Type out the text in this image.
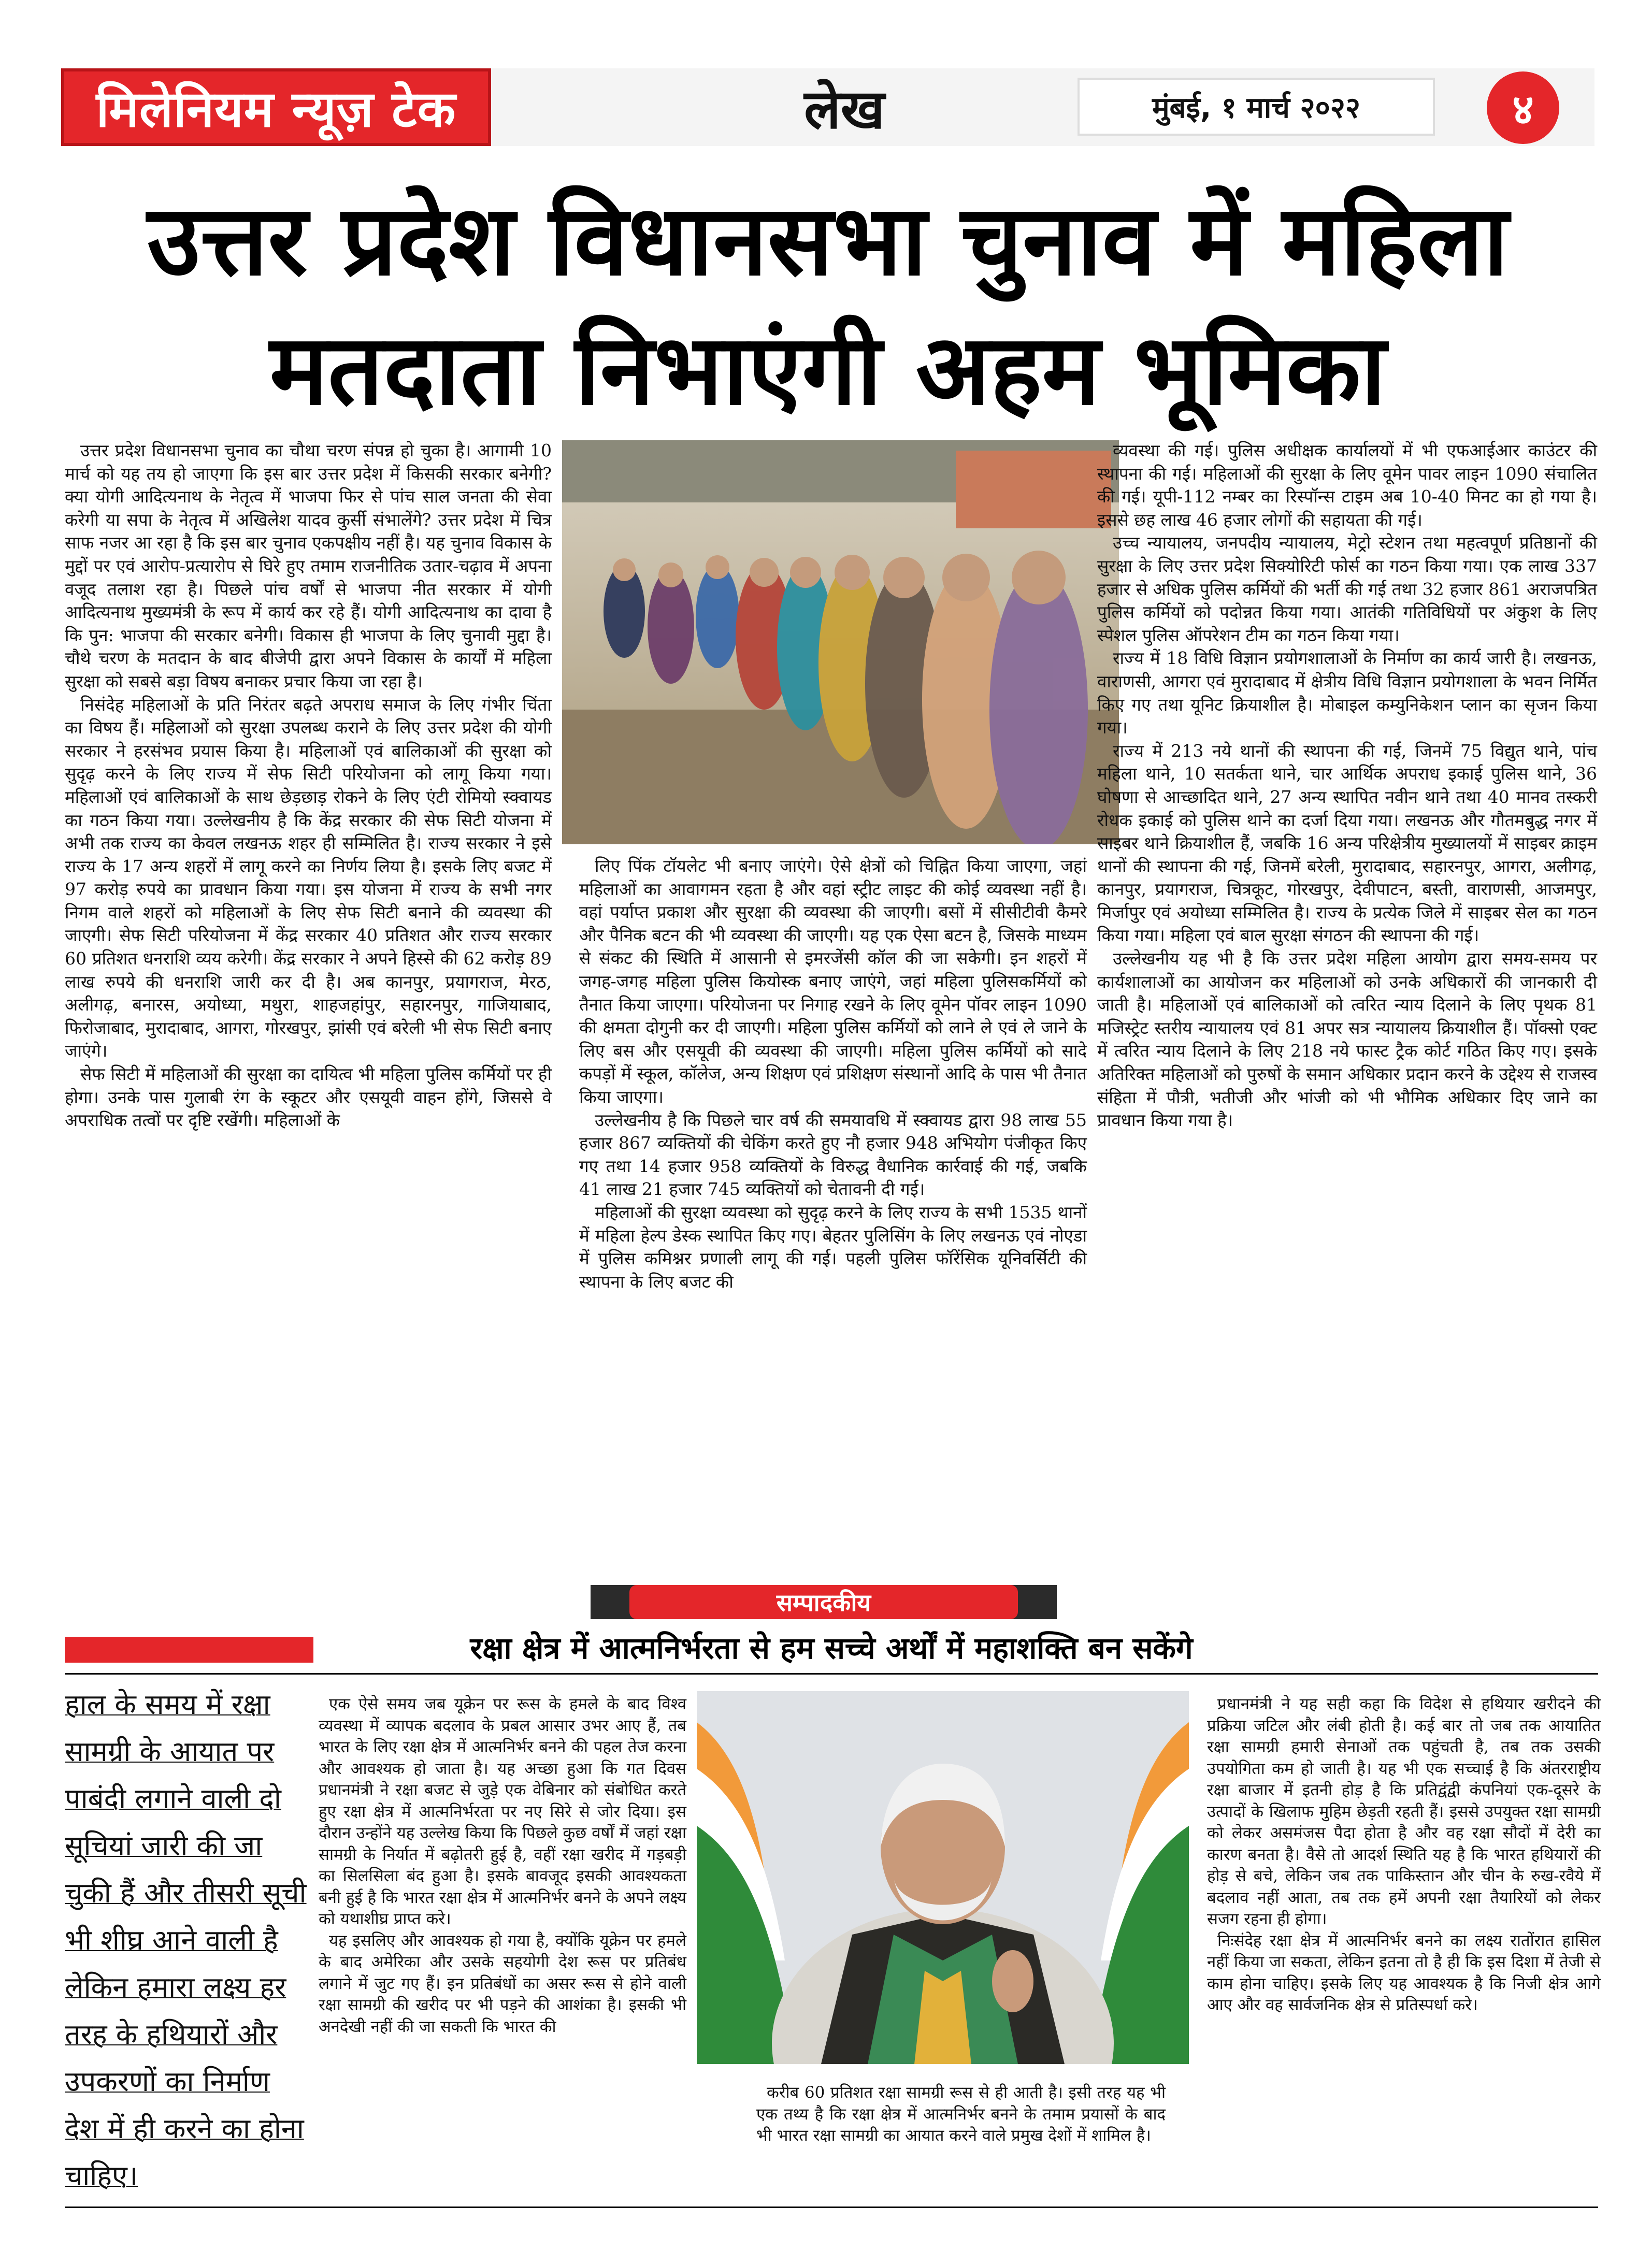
मिलेनियम न्यूज़ टेक	लेख	मुंबई, १ मार्च २०२२	४
उत्तर प्रदेश विधानसभा चुनाव में महिला
मतदाता निभाएंगी अहम भूमिका

उत्तर प्रदेश विधानसभा चुनाव का चौथा चरण संपन्न हो चुका है। आगामी 10 मार्च को यह तय हो जाएगा कि इस बार उत्तर प्रदेश में किसकी सरकार बनेगी? क्या योगी आदित्यनाथ के नेतृत्व में भाजपा फिर से पांच साल जनता की सेवा करेगी या सपा के नेतृत्व में अखिलेश यादव कुर्सी संभालेंगे? उत्तर प्रदेश में चित्र साफ नजर आ रहा है कि इस बार चुनाव एकपक्षीय नहीं है। यह चुनाव विकास के मुद्दों पर एवं आरोप-प्रत्यारोप से घिरे हुए तमाम राजनीतिक उतार-चढ़ाव में अपना वजूद तलाश रहा है। पिछले पांच वर्षों से भाजपा नीत सरकार में योगी आदित्यनाथ मुख्यमंत्री के रूप में कार्य कर रहे हैं। योगी आदित्यनाथ का दावा है कि पुन: भाजपा की सरकार बनेगी। विकास ही भाजपा के लिए चुनावी मुद्दा है। चौथे चरण के मतदान के बाद बीजेपी द्वारा अपने विकास के कार्यों में महिला सुरक्षा को सबसे बड़ा विषय बनाकर प्रचार किया जा रहा है।

निसंदेह महिलाओं के प्रति निरंतर बढ़ते अपराध समाज के लिए गंभीर चिंता का विषय हैं। महिलाओं को सुरक्षा उपलब्ध कराने के लिए उत्तर प्रदेश की योगी सरकार ने हरसंभव प्रयास किया है। महिलाओं एवं बालिकाओं की सुरक्षा को सुदृढ़ करने के लिए राज्य में सेफ सिटी परियोजना को लागू किया गया। महिलाओं एवं बालिकाओं के साथ छेड़छाड़ रोकने के लिए एंटी रोमियो स्क्वायड का गठन किया गया। उल्लेखनीय है कि केंद्र सरकार की सेफ सिटी योजना में अभी तक राज्य का केवल लखनऊ शहर ही सम्मिलित है। राज्य सरकार ने इसे राज्य के 17 अन्य शहरों में लागू करने का निर्णय लिया है। इसके लिए बजट में 97 करोड़ रुपये का प्रावधान किया गया। इस योजना में राज्य के सभी नगर निगम वाले शहरों को महिलाओं के लिए सेफ सिटी बनाने की व्यवस्था की जाएगी। सेफ सिटी परियोजना में केंद्र सरकार 40 प्रतिशत और राज्य सरकार 60 प्रतिशत धनराशि व्यय करेगी। केंद्र सरकार ने अपने हिस्से की 62 करोड़ 89 लाख रुपये की धनराशि जारी कर दी है। अब कानपुर, प्रयागराज, मेरठ, अलीगढ़, बनारस, अयोध्या, मथुरा, शाहजहांपुर, सहारनपुर, गाजियाबाद, फिरोजाबाद, मुरादाबाद, आगरा, गोरखपुर, झांसी एवं बरेली भी सेफ सिटी बनाए जाएंगे।

सेफ सिटी में महिलाओं की सुरक्षा का दायित्व भी महिला पुलिस कर्मियों पर ही होगा। उनके पास गुलाबी रंग के स्कूटर और एसयूवी वाहन होंगे, जिससे वे अपराधिक तत्वों पर दृष्टि रखेंगी। महिलाओं के

लिए पिंक टॉयलेट भी बनाए जाएंगे। ऐसे क्षेत्रों को चिह्नित किया जाएगा, जहां महिलाओं का आवागमन रहता है और वहां स्ट्रीट लाइट की कोई व्यवस्था नहीं है। वहां पर्याप्त प्रकाश और सुरक्षा की व्यवस्था की जाएगी। बसों में सीसीटीवी कैमरे और पैनिक बटन की भी व्यवस्था की जाएगी। यह एक ऐसा बटन है, जिसके माध्यम से संकट की स्थिति में आसानी से इमरजेंसी कॉल की जा सकेगी। इन शहरों में जगह-जगह महिला पुलिस कियोस्क बनाए जाएंगे, जहां महिला पुलिसकर्मियों को तैनात किया जाएगा। परियोजना पर निगाह रखने के लिए वूमेन पॉवर लाइन 1090 की क्षमता दोगुनी कर दी जाएगी। महिला पुलिस कर्मियों को लाने ले एवं ले जाने के लिए बस और एसयूवी की व्यवस्था की जाएगी। महिला पुलिस कर्मियों को सादे कपड़ों में स्कूल, कॉलेज, अन्य शिक्षण एवं प्रशिक्षण संस्थानों आदि के पास भी तैनात किया जाएगा।

उल्लेखनीय है कि पिछले चार वर्ष की समयावधि में स्क्वायड द्वारा 98 लाख 55 हजार 867 व्यक्तियों की चेकिंग करते हुए नौ हजार 948 अभियोग पंजीकृत किए गए तथा 14 हजार 958 व्यक्तियों के विरुद्ध वैधानिक कार्रवाई की गई, जबकि 41 लाख 21 हजार 745 व्यक्तियों को चेतावनी दी गई।

महिलाओं की सुरक्षा व्यवस्था को सुदृढ़ करने के लिए राज्य के सभी 1535 थानों में महिला हेल्प डेस्क स्थापित किए गए। बेहतर पुलिसिंग के लिए लखनऊ एवं नोएडा में पुलिस कमिश्नर प्रणाली लागू की गई। पहली पुलिस फॉरेंसिक यूनिवर्सिटी की स्थापना के लिए बजट की

व्यवस्था की गई। पुलिस अधीक्षक कार्यालयों में भी एफआईआर काउंटर की स्थापना की गई। महिलाओं की सुरक्षा के लिए वूमेन पावर लाइन 1090 संचालित की गई। यूपी-112 नम्बर का रिस्पॉन्स टाइम अब 10-40 मिनट का हो गया है। इससे छह लाख 46 हजार लोगों की सहायता की गई।

उच्च न्यायालय, जनपदीय न्यायालय, मेट्रो स्टेशन तथा महत्वपूर्ण प्रतिष्ठानों की सुरक्षा के लिए उत्तर प्रदेश सिक्योरिटी फोर्स का गठन किया गया। एक लाख 337 हजार से अधिक पुलिस कर्मियों की भर्ती की गई तथा 32 हजार 861 अराजपत्रित पुलिस कर्मियों को पदोन्नत किया गया। आतंकी गतिविधियों पर अंकुश के लिए स्पेशल पुलिस ऑपरेशन टीम का गठन किया गया।

राज्य में 18 विधि विज्ञान प्रयोगशालाओं के निर्माण का कार्य जारी है। लखनऊ, वाराणसी, आगरा एवं मुरादाबाद में क्षेत्रीय विधि विज्ञान प्रयोगशाला के भवन निर्मित किए गए तथा यूनिट क्रियाशील है। मोबाइल कम्युनिकेशन प्लान का सृजन किया गया।

राज्य में 213 नये थानों की स्थापना की गई, जिनमें 75 विद्युत थाने, पांच महिला थाने, 10 सतर्कता थाने, चार आर्थिक अपराध इकाई पुलिस थाने, 36 घोषणा से आच्छादित थाने, 27 अन्य स्थापित नवीन थाने तथा 40 मानव तस्करी रोधक इकाई को पुलिस थाने का दर्जा दिया गया। लखनऊ और गौतमबुद्ध नगर में साइबर थाने क्रियाशील हैं, जबकि 16 अन्य परिक्षेत्रीय मुख्यालयों में साइबर क्राइम थानों की स्थापना की गई, जिनमें बरेली, मुरादाबाद, सहारनपुर, आगरा, अलीगढ़, कानपुर, प्रयागराज, चित्रकूट, गोरखपुर, देवीपाटन, बस्ती, वाराणसी, आजमपुर, मिर्जापुर एवं अयोध्या सम्मिलित है। राज्य के प्रत्येक जिले में साइबर सेल का गठन किया गया। महिला एवं बाल सुरक्षा संगठन की स्थापना की गई।

उल्लेखनीय यह भी है कि उत्तर प्रदेश महिला आयोग द्वारा समय-समय पर कार्यशालाओं का आयोजन कर महिलाओं को उनके अधिकारों की जानकारी दी जाती है। महिलाओं एवं बालिकाओं को त्वरित न्याय दिलाने के लिए पृथक 81 मजिस्ट्रेट स्तरीय न्यायालय एवं 81 अपर सत्र न्यायालय क्रियाशील हैं। पॉक्सो एक्ट में त्वरित न्याय दिलाने के लिए 218 नये फास्ट ट्रैक कोर्ट गठित किए गए। इसके अतिरिक्त महिलाओं को पुरुषों के समान अधिकार प्रदान करने के उद्देश्य से राजस्व संहिता में पौत्री, भतीजी और भांजी को भी भौमिक अधिकार दिए जाने का प्रावधान किया गया है।

सम्पादकीय
रक्षा क्षेत्र में आत्मनिर्भरता से हम सच्चे अर्थों में महाशक्ति बन सकेंगे
हाल के समय में रक्षा सामग्री के आयात पर पाबंदी लगाने वाली दो सूचियां जारी की जा चुकी हैं और तीसरी सूची भी शीघ्र आने वाली है लेकिन हमारा लक्ष्य हर तरह के हथियारों और उपकरणों का निर्माण देश में ही करने का होना चाहिए।

एक ऐसे समय जब यूक्रेन पर रूस के हमले के बाद विश्व व्यवस्था में व्यापक बदलाव के प्रबल आसार उभर आए हैं, तब भारत के लिए रक्षा क्षेत्र में आत्मनिर्भर बनने की पहल तेज करना और आवश्यक हो जाता है। यह अच्छा हुआ कि गत दिवस प्रधानमंत्री ने रक्षा बजट से जुड़े एक वेबिनार को संबोधित करते हुए रक्षा क्षेत्र में आत्मनिर्भरता पर नए सिरे से जोर दिया। इस दौरान उन्होंने यह उल्लेख किया कि पिछले कुछ वर्षों में जहां रक्षा सामग्री के निर्यात में बढ़ोतरी हुई है, वहीं रक्षा खरीद में गड़बड़ी का सिलसिला बंद हुआ है। इसके बावजूद इसकी आवश्यकता बनी हुई है कि भारत रक्षा क्षेत्र में आत्मनिर्भर बनने के अपने लक्ष्य को यथाशीघ्र प्राप्त करे।

यह इसलिए और आवश्यक हो गया है, क्योंकि यूक्रेन पर हमले के बाद अमेरिका और उसके सहयोगी देश रूस पर प्रतिबंध लगाने में जुट गए हैं। इन प्रतिबंधों का असर रूस से होने वाली रक्षा सामग्री की खरीद पर भी पड़ने की आशंका है। इसकी भी अनदेखी नहीं की जा सकती कि भारत की

करीब 60 प्रतिशत रक्षा सामग्री रूस से ही आती है। इसी तरह यह भी एक तथ्य है कि रक्षा क्षेत्र में आत्मनिर्भर बनने के तमाम प्रयासों के बाद भी भारत रक्षा सामग्री का आयात करने वाले प्रमुख देशों में शामिल है।

प्रधानमंत्री ने यह सही कहा कि विदेश से हथियार खरीदने की प्रक्रिया जटिल और लंबी होती है। कई बार तो जब तक आयातित रक्षा सामग्री हमारी सेनाओं तक पहुंचती है, तब तक उसकी उपयोगिता कम हो जाती है। यह भी एक सच्चाई है कि अंतरराष्ट्रीय रक्षा बाजार में इतनी होड़ है कि प्रतिद्वंद्वी कंपनियां एक-दूसरे के उत्पादों के खिलाफ मुहिम छेड़ती रहती हैं। इससे उपयुक्त रक्षा सामग्री को लेकर असमंजस पैदा होता है और वह रक्षा सौदों में देरी का कारण बनता है। वैसे तो आदर्श स्थिति यह है कि भारत हथियारों की होड़ से बचे, लेकिन जब तक पाकिस्तान और चीन के रुख-रवैये में बदलाव नहीं आता, तब तक हमें अपनी रक्षा तैयारियों को लेकर सजग रहना ही होगा।

निःसंदेह रक्षा क्षेत्र में आत्मनिर्भर बनने का लक्ष्य रातोंरात हासिल नहीं किया जा सकता, लेकिन इतना तो है ही कि इस दिशा में तेजी से काम होना चाहिए। इसके लिए यह आवश्यक है कि निजी क्षेत्र आगे आए और वह सार्वजनिक क्षेत्र से प्रतिस्पर्धा करे।
